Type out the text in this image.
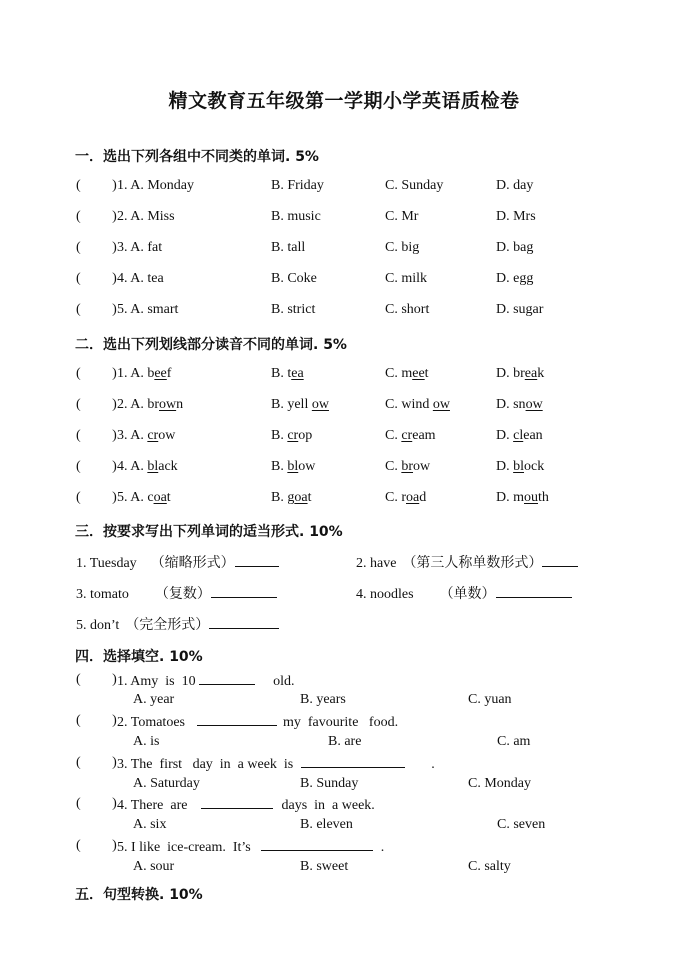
精文教育五年级第一学期小学英语质检卷
一．选出下列各组中不同类的单词. 5%
(         ) 1. A. Monday	B. Friday	C. Sunday	D. day
(         ) 2. A. Miss	B. music	C. Mr	D. Mrs
(         ) 3. A. fat	B. tall	C. big	D. bag
(         ) 4. A. tea	B. Coke	C. milk	D. egg
(         ) 5. A. smart	B. strict	C. short	D. sugar
二．选出下列划线部分读音不同的单词. 5%
(         ) 1. A. beef	B. tea	C. meet	D. break
(         ) 2. A. brown	B. yell ow	C. wind ow	D. snow
(         ) 3. A. crow	B. crop	C. cream	D. clean
(         ) 4. A. black	B. blow	C. brow	D. block
(         ) 5. A. coat	B. goat	C. road	D. mouth
三．按要求写出下列单词的适当形式. 10%
1. Tuesday （缩略形式）	2. have （第三人称单数形式）
3. tomato （复数）	4. noodles （单数）
5. don’t （完全形式）
四．选择填空. 10%
(         ) 1. Amy  is  10	old.
A. year	B. years	C. yuan
(         ) 2. Tomatoes	my  favourite   food.
A. is	B. are	C. am
(         ) 3. The  first   day  in  a week  is	.
A. Saturday	B. Sunday	C. Monday
(         ) 4. There  are	days  in  a week.
A. six	B. eleven	C. seven
(         ) 5. I like  ice-cream.  It’s	.
A. sour	B. sweet	C. salty
五．句型转换. 10%
